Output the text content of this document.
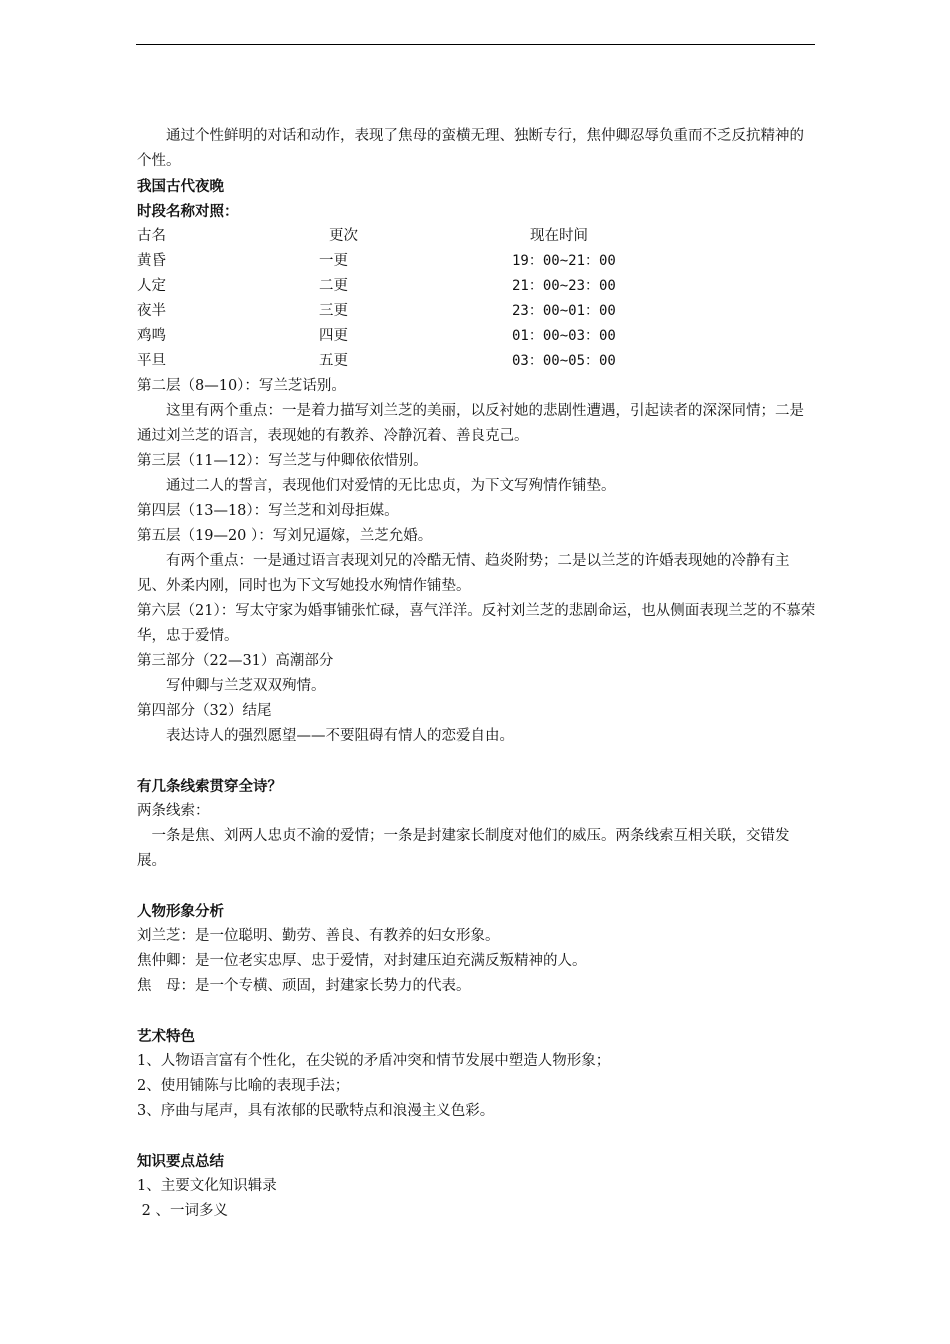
通过个性鲜明的对话和动作，表现了焦母的蛮横无理、独断专行，焦仲卿忍辱负重而不乏反抗精神的个性。

我国古代夜晚

时段名称对照：

古名	更次	现在时间
黄昏	一更	19：00~21：00
人定	二更	21：00~23：00
夜半	三更	23：00~01：00
鸡鸣	四更	01：00~03：00
平旦	五更	03：00~05：00

第二层（8—10）：写兰芝话别。

这里有两个重点：一是着力描写刘兰芝的美丽，以反衬她的悲剧性遭遇，引起读者的深深同情；二是通过刘兰芝的语言，表现她的有教养、冷静沉着、善良克己。

第三层（11—12）：写兰芝与仲卿依依惜别。

通过二人的誓言，表现他们对爱情的无比忠贞，为下文写殉情作铺垫。

第四层（13—18）：写兰芝和刘母拒媒。

第五层（19—20 ）：写刘兄逼嫁，兰芝允婚。

有两个重点：一是通过语言表现刘兄的冷酷无情、趋炎附势；二是以兰芝的许婚表现她的冷静有主见、外柔内刚，同时也为下文写她投水殉情作铺垫。

第六层（21）：写太守家为婚事铺张忙碌，喜气洋洋。反衬刘兰芝的悲剧命运，也从侧面表现兰芝的不慕荣华，忠于爱情。

第三部分（22—31）高潮部分

写仲卿与兰芝双双殉情。

第四部分（32）结尾

表达诗人的强烈愿望——不要阻碍有情人的恋爱自由。

有几条线索贯穿全诗？

两条线索：

一条是焦、刘两人忠贞不渝的爱情；一条是封建家长制度对他们的威压。两条线索互相关联，交错发展。

人物形象分析

刘兰芝：是一位聪明、勤劳、善良、有教养的妇女形象。

焦仲卿：是一位老实忠厚、忠于爱情，对封建压迫充满反叛精神的人。

焦　母：是一个专横、顽固，封建家长势力的代表。

艺术特色

1、人物语言富有个性化，在尖锐的矛盾冲突和情节发展中塑造人物形象；

2、使用铺陈与比喻的表现手法；

3、序曲与尾声，具有浓郁的民歌特点和浪漫主义色彩。

知识要点总结

1、主要文化知识辑录

2 、一词多义
